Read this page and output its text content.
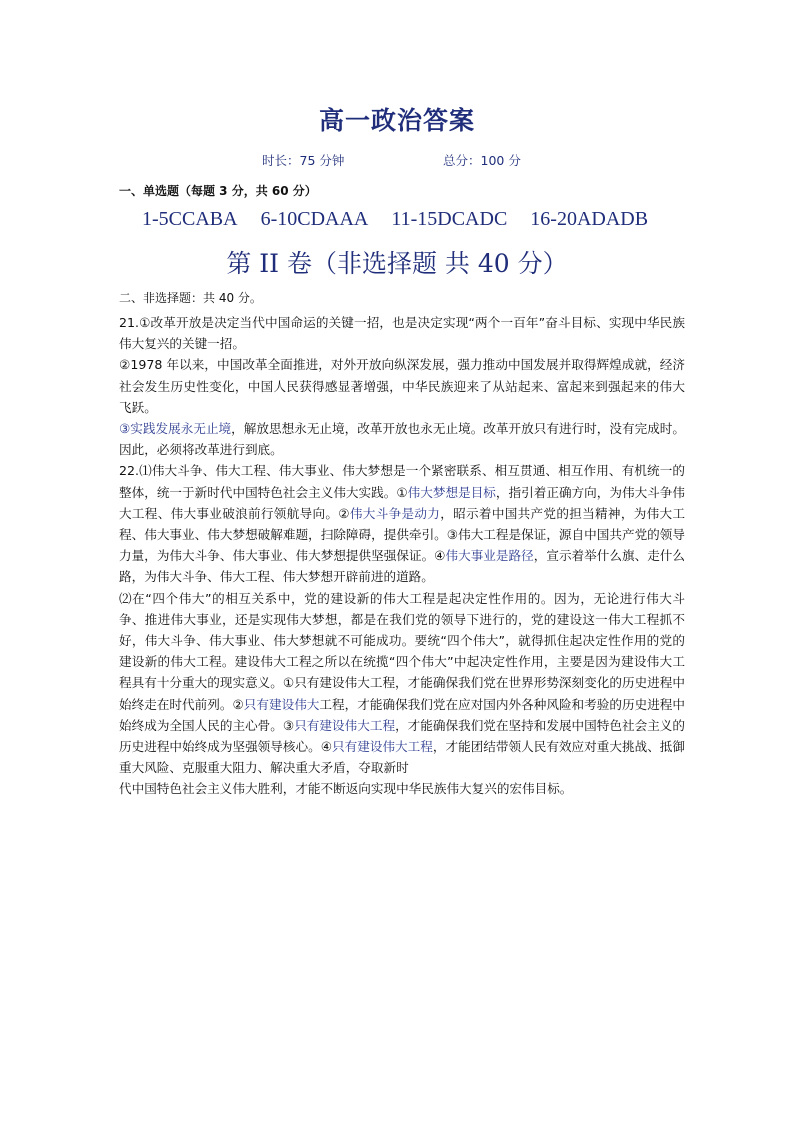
高一政治答案
时长：75 分钟	总分：100 分
一、单选题（每题 3 分，共 60 分）
1-5CCABA 6-10CDAAA 11-15DCADC 16-20ADADB
第 II 卷（非选择题 共 40 分）
二、非选择题：共 40 分。

21.①改革开放是决定当代中国命运的关键一招，也是决定实现“两个一百年”奋斗目标、实现中华民族伟大复兴的关键一招。

②1978 年以来，中国改革全面推进，对外开放向纵深发展，强力推动中国发展并取得辉煌成就，经济社会发生历史性变化，中国人民获得感显著增强，中华民族迎来了从站起来、富起来到强起来的伟大飞跃。

③实践发展永无止境，解放思想永无止境，改革开放也永无止境。改革开放只有进行时，没有完成时。因此，必须将改革进行到底。

22.⑴伟大斗争、伟大工程、伟大事业、伟大梦想是一个紧密联系、相互贯通、相互作用、有机统一的整体，统一于新时代中国特色社会主义伟大实践。①伟大梦想是目标，指引着正确方向，为伟大斗争伟大工程、伟大事业破浪前行领航导向。②伟大斗争是动力，昭示着中国共产党的担当精神，为伟大工程、伟大事业、伟大梦想破解难题，扫除障碍，提供牵引。③伟大工程是保证，源自中国共产党的领导力量，为伟大斗争、伟大事业、伟大梦想提供坚强保证。④伟大事业是路径，宣示着举什么旗、走什么路，为伟大斗争、伟大工程、伟大梦想开辟前进的道路。

⑵在“四个伟大”的相互关系中，党的建设新的伟大工程是起决定性作用的。因为，无论进行伟大斗争、推进伟大事业，还是实现伟大梦想，都是在我们党的领导下进行的，党的建设这一伟大工程抓不好，伟大斗争、伟大事业、伟大梦想就不可能成功。要统“四个伟大”，就得抓住起决定性作用的党的建设新的伟大工程。建设伟大工程之所以在统揽“四个伟大”中起决定性作用，主要是因为建设伟大工程具有十分重大的现实意义。①只有建设伟大工程，才能确保我们党在世界形势深刻变化的历史进程中始终走在时代前列。②只有建设伟大工程，才能确保我们党在应对国内外各种风险和考验的历史进程中始终成为全国人民的主心骨。③只有建设伟大工程，才能确保我们党在坚持和发展中国特色社会主义的历史进程中始终成为坚强领导核心。④只有建设伟大工程，才能团结带领人民有效应对重大挑战、抵御重大风险、克服重大阻力、解决重大矛盾，夺取新时

代中国特色社会主义伟大胜利，才能不断返向实现中华民族伟大复兴的宏伟目标。
